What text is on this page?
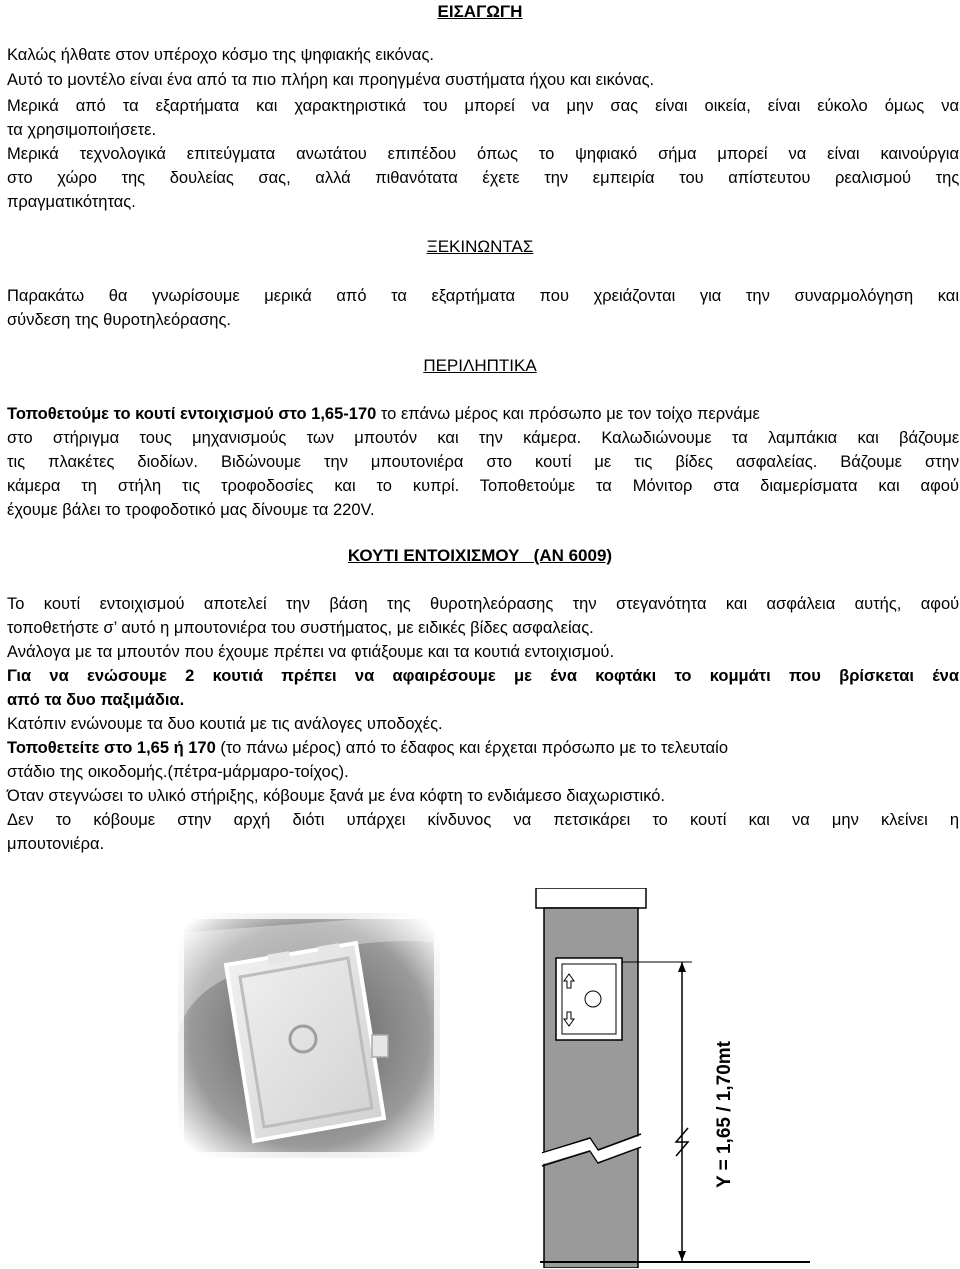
ΕΙΣΑΓΩΓΗ
Καλώς ήλθατε στον υπέροχο κόσμο της ψηφιακής εικόνας.
Αυτό το μοντέλο είναι ένα από τα πιο πλήρη και προηγμένα συστήματα ήχου και εικόνας.
Μερικά από τα εξαρτήματα και χαρακτηριστικά του μπορεί να μην σας είναι οικεία, είναι εύκολο όμως να
τα χρησιμοποιήσετε.
Μερικά τεχνολογικά επιτεύγματα ανωτάτου επιπέδου όπως το ψηφιακό σήμα μπορεί να είναι καινούργια
στο χώρο της δουλείας σας, αλλά πιθανότατα έχετε την εμπειρία του απίστευτου ρεαλισμού της
πραγματικότητας.
ΞΕΚΙΝΩΝΤΑΣ
Παρακάτω θα γνωρίσουμε μερικά από τα εξαρτήματα που χρειάζονται για την συναρμολόγηση και
σύνδεση της θυροτηλεόρασης.
ΠΕΡΙΛΗΠΤΙΚΑ
Τοποθετούμε το κουτί εντοιχισμού στο 1,65-170 το επάνω μέρος και πρόσωπο με τον τοίχο περνάμε
στο στήριγμα τους μηχανισμούς των μπουτόν και την κάμερα. Καλωδιώνουμε τα λαμπάκια και βάζουμε
τις πλακέτες διοδίων. Βιδώνουμε την μπουτονιέρα στο κουτί με τις βίδες ασφαλείας. Βάζουμε στην
κάμερα τη στήλη τις τροφοδοσίες και το κυπρί. Τοποθετούμε τα Μόνιτορ στα διαμερίσματα και αφού
έχουμε βάλει το τροφοδοτικό μας δίνουμε τα 220V.
ΚΟΥΤΙ ΕΝΤΟΙΧΙΣΜΟΥ   (ΑΝ 6009)
Το κουτί εντοιχισμού αποτελεί την βάση της θυροτηλεόρασης την στεγανότητα και ασφάλεια αυτής, αφού
τοποθετήστε σ’ αυτό η μπουτονιέρα του συστήματος, με ειδικές βίδες ασφαλείας.
Ανάλογα με τα μπουτόν που έχουμε πρέπει να φτιάξουμε και τα κουτιά εντοιχισμού.
Για να ενώσουμε 2 κουτιά πρέπει να αφαιρέσουμε με ένα κοφτάκι το κομμάτι που βρίσκεται ένα
από τα δυο παξιμάδια.
Κατόπιν ενώνουμε τα δυο κουτιά με τις ανάλογες υποδοχές.
Τοποθετείτε στο 1,65 ή 170 (το πάνω μέρος) από το έδαφος και έρχεται πρόσωπο με το τελευταίο
στάδιο της οικοδομής.(πέτρα-μάρμαρο-τοίχος).
Όταν στεγνώσει το υλικό στήριξης, κόβουμε ξανά με ένα κόφτη το ενδιάμεσο διαχωριστικό.
Δεν το κόβουμε στην αρχή διότι υπάρχει κίνδυνος να πετσικάρει το κουτί και να μην κλείνει η
μπουτονιέρα.
Y = 1,65 / 1,70mt
